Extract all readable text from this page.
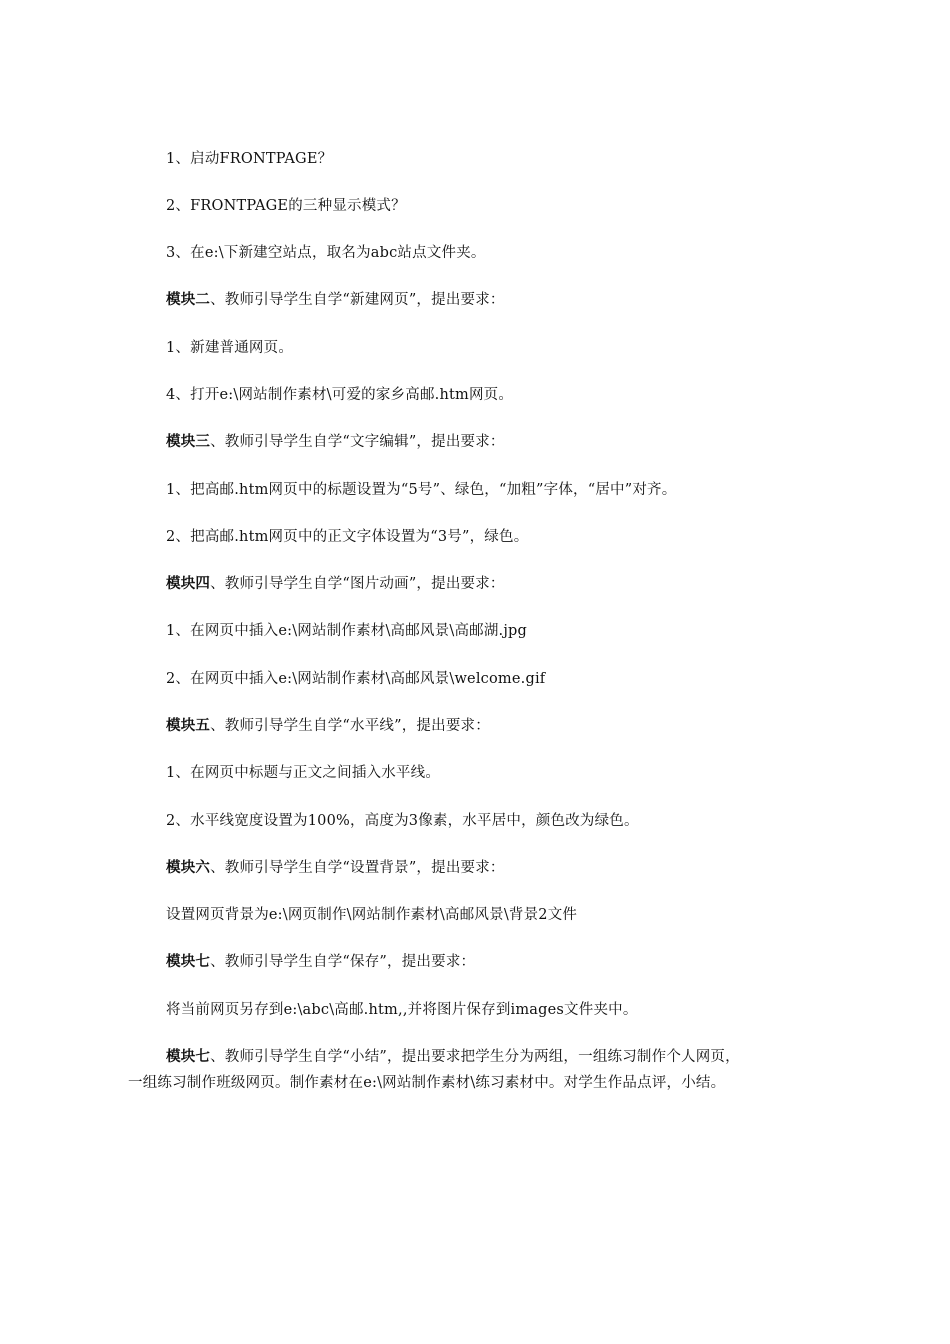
1、启动FRONTPAGE？
2、FRONTPAGE的三种显示模式？
3、在e:\下新建空站点，取名为abc站点文件夹。
模块二、教师引导学生自学“新建网页”，提出要求：
1、新建普通网页。
4、打开e:\网站制作素材\可爱的家乡高邮.htm网页。
模块三、教师引导学生自学“文字编辑”，提出要求：
1、把高邮.htm网页中的标题设置为“5号”、绿色，“加粗”字体，“居中”对齐。
2、把高邮.htm网页中的正文字体设置为“3号”，绿色。
模块四、教师引导学生自学“图片动画”，提出要求：
1、在网页中插入e:\网站制作素材\高邮风景\高邮湖.jpg
2、在网页中插入e:\网站制作素材\高邮风景\welcome.gif
模块五、教师引导学生自学“水平线”，提出要求：
1、在网页中标题与正文之间插入水平线。
2、水平线宽度设置为100%，高度为3像素，水平居中，颜色改为绿色。
模块六、教师引导学生自学“设置背景”，提出要求：
设置网页背景为e:\网页制作\网站制作素材\高邮风景\背景2文件
模块七、教师引导学生自学“保存”，提出要求：
将当前网页另存到e:\abc\高邮.htm,,并将图片保存到images文件夹中。
模块七、教师引导学生自学“小结”，提出要求把学生分为两组，一组练习制作个人网页，
一组练习制作班级网页。制作素材在e:\网站制作素材\练习素材中。对学生作品点评，小结。
